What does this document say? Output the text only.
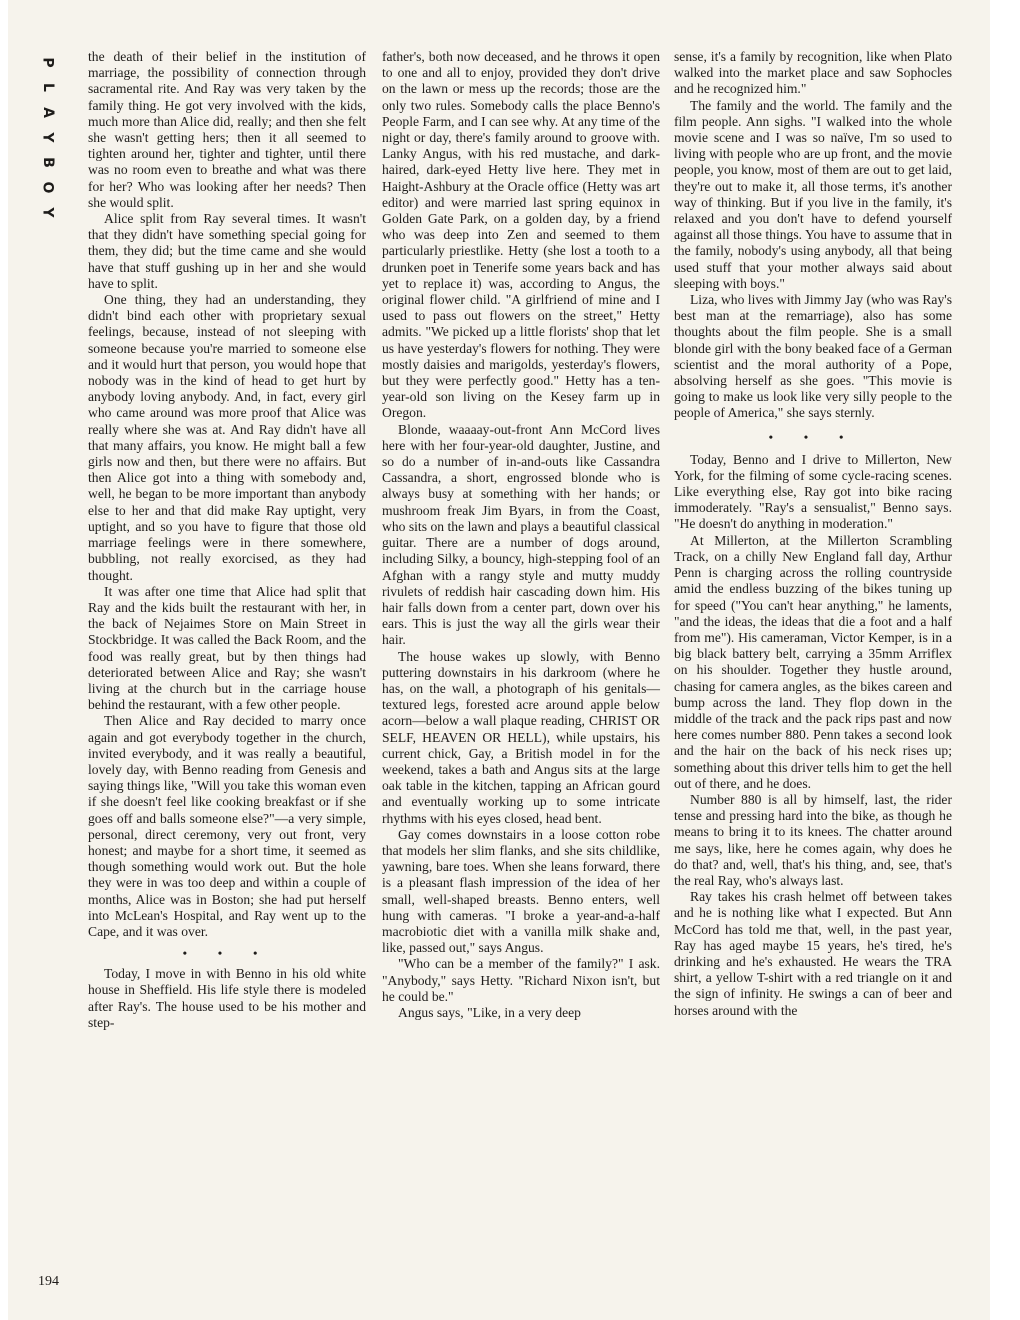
P
L
A
Y
B
O
Y
194

the death of their belief in the institution of marriage, the possibility of connection through sacramental rite. And Ray was very taken by the family thing. He got very involved with the kids, much more than Alice did, really; and then she felt she wasn't getting hers; then it all seemed to tighten around her, tighter and tighter, until there was no room even to breathe and what was there for her? Who was looking after her needs? Then she would split.

Alice split from Ray several times. It wasn't that they didn't have something special going for them, they did; but the time came and she would have that stuff gushing up in her and she would have to split.

One thing, they had an understanding, they didn't bind each other with proprietary sexual feelings, because, instead of not sleeping with someone because you're married to someone else and it would hurt that person, you would hope that nobody was in the kind of head to get hurt by anybody loving anybody. And, in fact, every girl who came around was more proof that Alice was really where she was at. And Ray didn't have all that many affairs, you know. He might ball a few girls now and then, but there were no affairs. But then Alice got into a thing with somebody and, well, he began to be more important than anybody else to her and that did make Ray uptight, very uptight, and so you have to figure that those old marriage feelings were in there somewhere, bubbling, not really exorcised, as they had thought.

It was after one time that Alice had split that Ray and the kids built the restaurant with her, in the back of Nejaimes Store on Main Street in Stockbridge. It was called the Back Room, and the food was really great, but by then things had deteriorated between Alice and Ray; she wasn't living at the church but in the carriage house behind the restaurant, with a few other people.

Then Alice and Ray decided to marry once again and got everybody together in the church, invited everybody, and it was really a beautiful, lovely day, with Benno reading from Genesis and saying things like, "Will you take this woman even if she doesn't feel like cooking breakfast or if she goes off and balls someone else?"—a very simple, personal, direct ceremony, very out front, very honest; and maybe for a short time, it seemed as though something would work out. But the hole they were in was too deep and within a couple of months, Alice was in Boston; she had put herself into McLean's Hospital, and Ray went up to the Cape, and it was over.

• • •

Today, I move in with Benno in his old white house in Sheffield. His life style there is modeled after Ray's. The house used to be his mother and step-

father's, both now deceased, and he throws it open to one and all to enjoy, provided they don't drive on the lawn or mess up the records; those are the only two rules. Somebody calls the place Benno's People Farm, and I can see why. At any time of the night or day, there's family around to groove with. Lanky Angus, with his red mustache, and dark-haired, dark-eyed Hetty live here. They met in Haight-Ashbury at the Oracle office (Hetty was art editor) and were married last spring equinox in Golden Gate Park, on a golden day, by a friend who was deep into Zen and seemed to them particularly priestlike. Hetty (she lost a tooth to a drunken poet in Tenerife some years back and has yet to replace it) was, according to Angus, the original flower child. "A girlfriend of mine and I used to pass out flowers on the street," Hetty admits. "We picked up a little florists' shop that let us have yesterday's flowers for nothing. They were mostly daisies and marigolds, yesterday's flowers, but they were perfectly good." Hetty has a ten-year-old son living on the Kesey farm up in Oregon.

Blonde, waaaay-out-front Ann McCord lives here with her four-year-old daughter, Justine, and so do a number of in-and-outs like Cassandra Cassandra, a short, engrossed blonde who is always busy at something with her hands; or mushroom freak Jim Byars, in from the Coast, who sits on the lawn and plays a beautiful classical guitar. There are a number of dogs around, including Silky, a bouncy, high-stepping fool of an Afghan with a rangy style and mutty muddy rivulets of reddish hair cascading down him. His hair falls down from a center part, down over his ears. This is just the way all the girls wear their hair.

The house wakes up slowly, with Benno puttering downstairs in his darkroom (where he has, on the wall, a photograph of his genitals—textured legs, forested acre around apple below acorn—below a wall plaque reading, CHRIST OR SELF, HEAVEN OR HELL), while upstairs, his current chick, Gay, a British model in for the weekend, takes a bath and Angus sits at the large oak table in the kitchen, tapping an African gourd and eventually working up to some intricate rhythms with his eyes closed, head bent.

Gay comes downstairs in a loose cotton robe that models her slim flanks, and she sits childlike, yawning, bare toes. When she leans forward, there is a pleasant flash impression of the idea of her small, well-shaped breasts. Benno enters, well hung with cameras. "I broke a year-and-a-half macrobiotic diet with a vanilla milk shake and, like, passed out," says Angus.

"Who can be a member of the family?" I ask. "Anybody," says Hetty. "Richard Nixon isn't, but he could be."

Angus says, "Like, in a very deep

sense, it's a family by recognition, like when Plato walked into the market place and saw Sophocles and he recognized him."

The family and the world. The family and the film people. Ann sighs. "I walked into the whole movie scene and I was so naïve, I'm so used to living with people who are up front, and the movie people, you know, most of them are out to get laid, they're out to make it, all those terms, it's another way of thinking. But if you live in the family, it's relaxed and you don't have to defend yourself against all those things. You have to assume that in the family, nobody's using anybody, all that being used stuff that your mother always said about sleeping with boys."

Liza, who lives with Jimmy Jay (who was Ray's best man at the remarriage), also has some thoughts about the film people. She is a small blonde girl with the bony beaked face of a German scientist and the moral authority of a Pope, absolving herself as she goes. "This movie is going to make us look like very silly people to the people of America," she says sternly.

• • •

Today, Benno and I drive to Millerton, New York, for the filming of some cycle-racing scenes. Like everything else, Ray got into bike racing immoderately. "Ray's a sensualist," Benno says. "He doesn't do anything in moderation."

At Millerton, at the Millerton Scrambling Track, on a chilly New England fall day, Arthur Penn is charging across the rolling countryside amid the endless buzzing of the bikes tuning up for speed ("You can't hear anything," he laments, "and the ideas, the ideas that die a foot and a half from me"). His cameraman, Victor Kemper, is in a big black battery belt, carrying a 35mm Arriflex on his shoulder. Together they hustle around, chasing for camera angles, as the bikes careen and bump across the land. They flop down in the middle of the track and the pack rips past and now here comes number 880. Penn takes a second look and the hair on the back of his neck rises up; something about this driver tells him to get the hell out of there, and he does.

Number 880 is all by himself, last, the rider tense and pressing hard into the bike, as though he means to bring it to its knees. The chatter around me says, like, here he comes again, why does he do that? and, well, that's his thing, and, see, that's the real Ray, who's always last.

Ray takes his crash helmet off between takes and he is nothing like what I expected. But Ann McCord has told me that, well, in the past year, Ray has aged maybe 15 years, he's tired, he's drinking and he's exhausted. He wears the TRA shirt, a yellow T-shirt with a red triangle on it and the sign of infinity. He swings a can of beer and horses around with the
